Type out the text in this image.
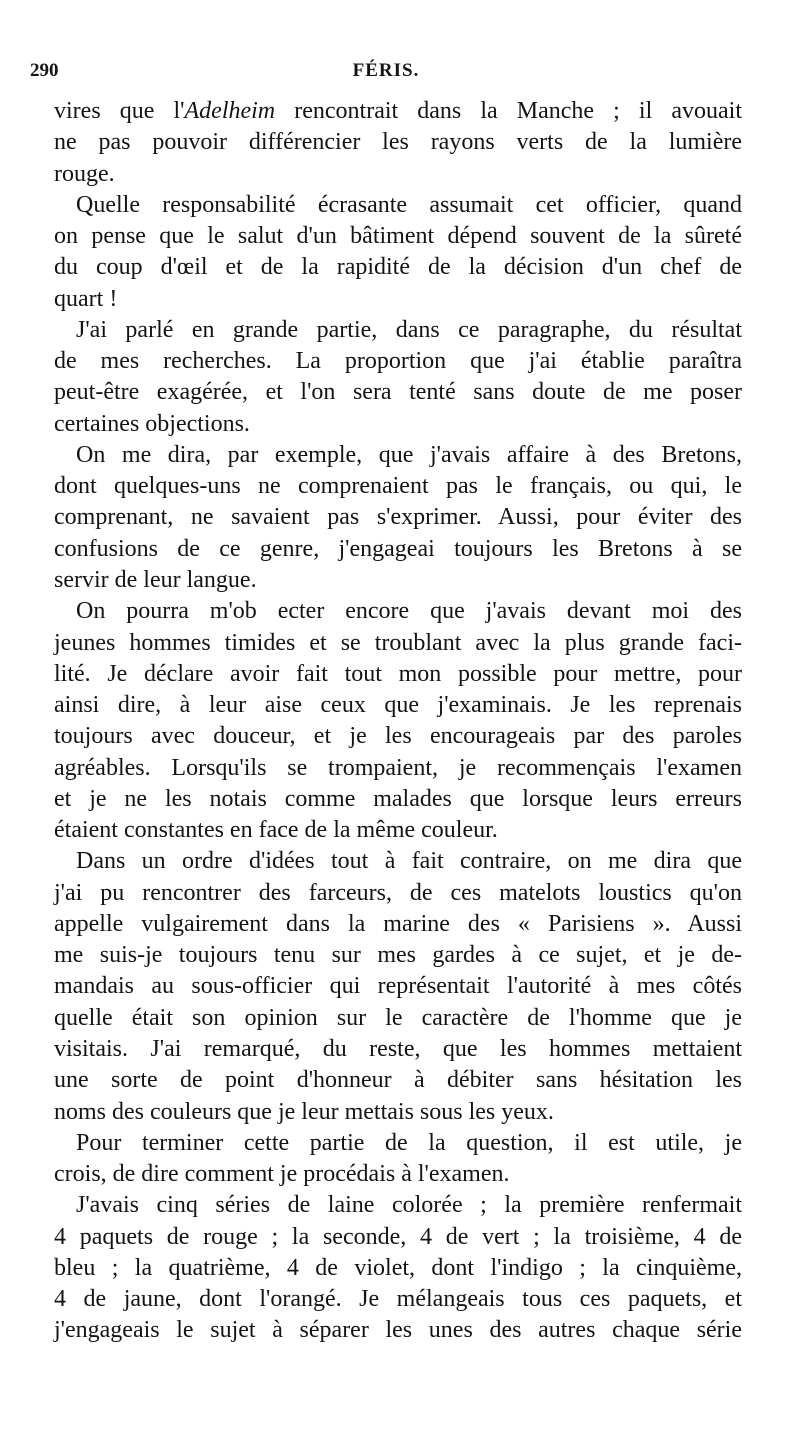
290	FÉRIS.
vires que l'Adelheim rencontrait dans la Manche ; il avouait
ne pas pouvoir différencier les rayons verts de la lumière
rouge.
Quelle responsabilité écrasante assumait cet officier, quand
on pense que le salut d'un bâtiment dépend souvent de la sûreté
du coup d'œil et de la rapidité de la décision d'un chef de
quart !
J'ai parlé en grande partie, dans ce paragraphe, du résultat
de mes recherches. La proportion que j'ai établie paraîtra
peut-être exagérée, et l'on sera tenté sans doute de me poser
certaines objections.
On me dira, par exemple, que j'avais affaire à des Bretons,
dont quelques-uns ne comprenaient pas le français, ou qui, le
comprenant, ne savaient pas s'exprimer. Aussi, pour éviter des
confusions de ce genre, j'engageai toujours les Bretons à se
servir de leur langue.
On pourra m'ob ecter encore que j'avais devant moi des
jeunes hommes timides et se troublant avec la plus grande faci-
lité. Je déclare avoir fait tout mon possible pour mettre, pour
ainsi dire, à leur aise ceux que j'examinais. Je les reprenais
toujours avec douceur, et je les encourageais par des paroles
agréables. Lorsqu'ils se trompaient, je recommençais l'examen
et je ne les notais comme malades que lorsque leurs erreurs
étaient constantes en face de la même couleur.
Dans un ordre d'idées tout à fait contraire, on me dira que
j'ai pu rencontrer des farceurs, de ces matelots loustics qu'on
appelle vulgairement dans la marine des « Parisiens ». Aussi
me suis-je toujours tenu sur mes gardes à ce sujet, et je de-
mandais au sous-officier qui représentait l'autorité à mes côtés
quelle était son opinion sur le caractère de l'homme que je
visitais. J'ai remarqué, du reste, que les hommes mettaient
une sorte de point d'honneur à débiter sans hésitation les
noms des couleurs que je leur mettais sous les yeux.
Pour terminer cette partie de la question, il est utile, je
crois, de dire comment je procédais à l'examen.
J'avais cinq séries de laine colorée ; la première renfermait
4 paquets de rouge ; la seconde, 4 de vert ; la troisième, 4 de
bleu ; la quatrième, 4 de violet, dont l'indigo ; la cinquième,
4 de jaune, dont l'orangé. Je mélangeais tous ces paquets, et
j'engageais le sujet à séparer les unes des autres chaque série
